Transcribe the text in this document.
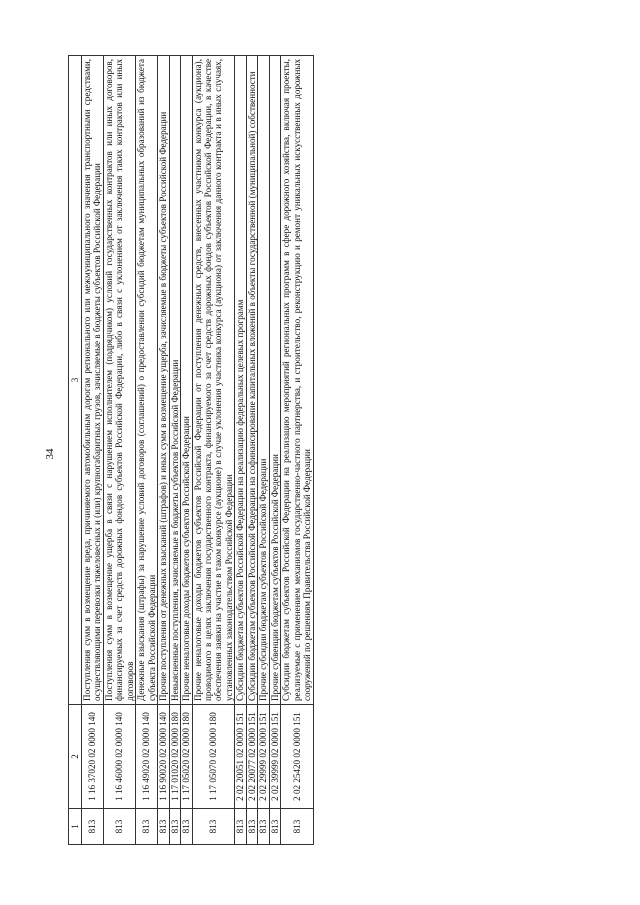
34
1	2	3
813	1 16 37020 02 0000 140	Поступления сумм в возмещение вреда, причиняемого автомобильным дорогам регионального или межмуниципального значения транспортными средствами, осуществляющими перевозки тяжеловесных и (или) крупногабаритных грузов, зачисляемые в бюджеты субъектов Российской Федерации
813	1 16 46000 02 0000 140	Поступления сумм в возмещение ущерба в связи с нарушением исполнителем (подрядчиком) условий государственных контрактов или иных договоров, финансируемых за счет средств дорожных фондов субъектов Российской Федерации, либо в связи с уклонением от заключения таких контрактов или иных договоров
813	1 16 49020 02 0000 140	Денежные взыскания (штрафы) за нарушение условий договоров (соглашений) о предоставлении субсидий бюджетам муниципальных образований из бюджета субъекта Российской Федерации
813	1 16 90020 02 0000 140	Прочие поступления от денежных взысканий (штрафов) и иных сумм в возмещение ущерба, зачисляемые в бюджеты субъектов Российской Федерации
813	1 17 01020 02 0000 180	Невыясненные поступления, зачисляемые в бюджеты субъектов Российской Федерации
813	1 17 05020 02 0000 180	Прочие неналоговые доходы бюджетов субъектов Российской Федерации
813	1 17 05070 02 0000 180	Прочие неналоговые доходы бюджетов субъектов Российской Федерации от поступления денежных средств, внесенных участником конкурса (аукциона), проводимого в целях заключения государственного контракта, финансируемого за счет средств дорожных фондов субъектов Российской Федерации, в качестве обеспечения заявки на участие в таком конкурсе (аукционе) в случае уклонения участника конкурса (аукциона) от заключения данного контракта и в иных случаях, установленных законодательством Российской Федерации
813	2 02 20051 02 0000 151	Субсидии бюджетам субъектов Российской Федерации на реализацию федеральных целевых программ
813	2 02 20077 02 0000 151	Субсидии бюджетам субъектов Российской Федерации на софинансирование капитальных вложений в объекты государственной (муниципальной) собственности
813	2 02 29999 02 0000 151	Прочие субсидии бюджетам субъектов Российской Федерации
813	2 02 39999 02 0000 151	Прочие субвенции бюджетам субъектов Российской Федерации
813	2 02 25420 02 0000 151	Субсидии бюджетам субъектов Российской Федерации на реализацию мероприятий региональных программ в сфере дорожного хозяйства, включая проекты, реализуемые с применением механизмов государственно-частного партнерства, и строительство, реконструкцию и ремонт уникальных искусственных дорожных сооружений по решениям Правительства Российской Федерации
